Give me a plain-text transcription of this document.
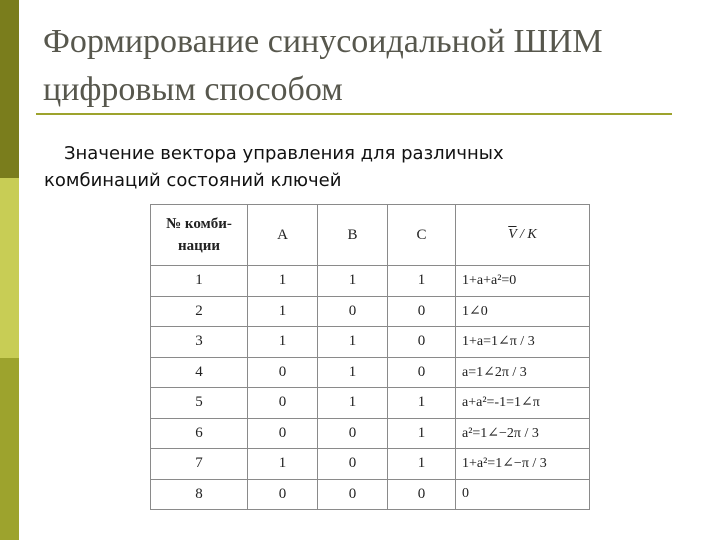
Формирование синусоидальной ШИМ
цифровым способом
Значение вектора управления для различных
комбинаций состояний ключей
№ комби-
нации	A	B	C	$\overline{V}$ / K
1	1	1	1	1+a+a²=0
2	1	0	0	1∠0
3	1	1	0	1+a=1∠π / 3
4	0	1	0	a=1∠2π / 3
5	0	1	1	a+a²=-1=1∠π
6	0	0	1	a²=1∠−2π / 3
7	1	0	1	1+a²=1∠−π / 3
8	0	0	0	0
